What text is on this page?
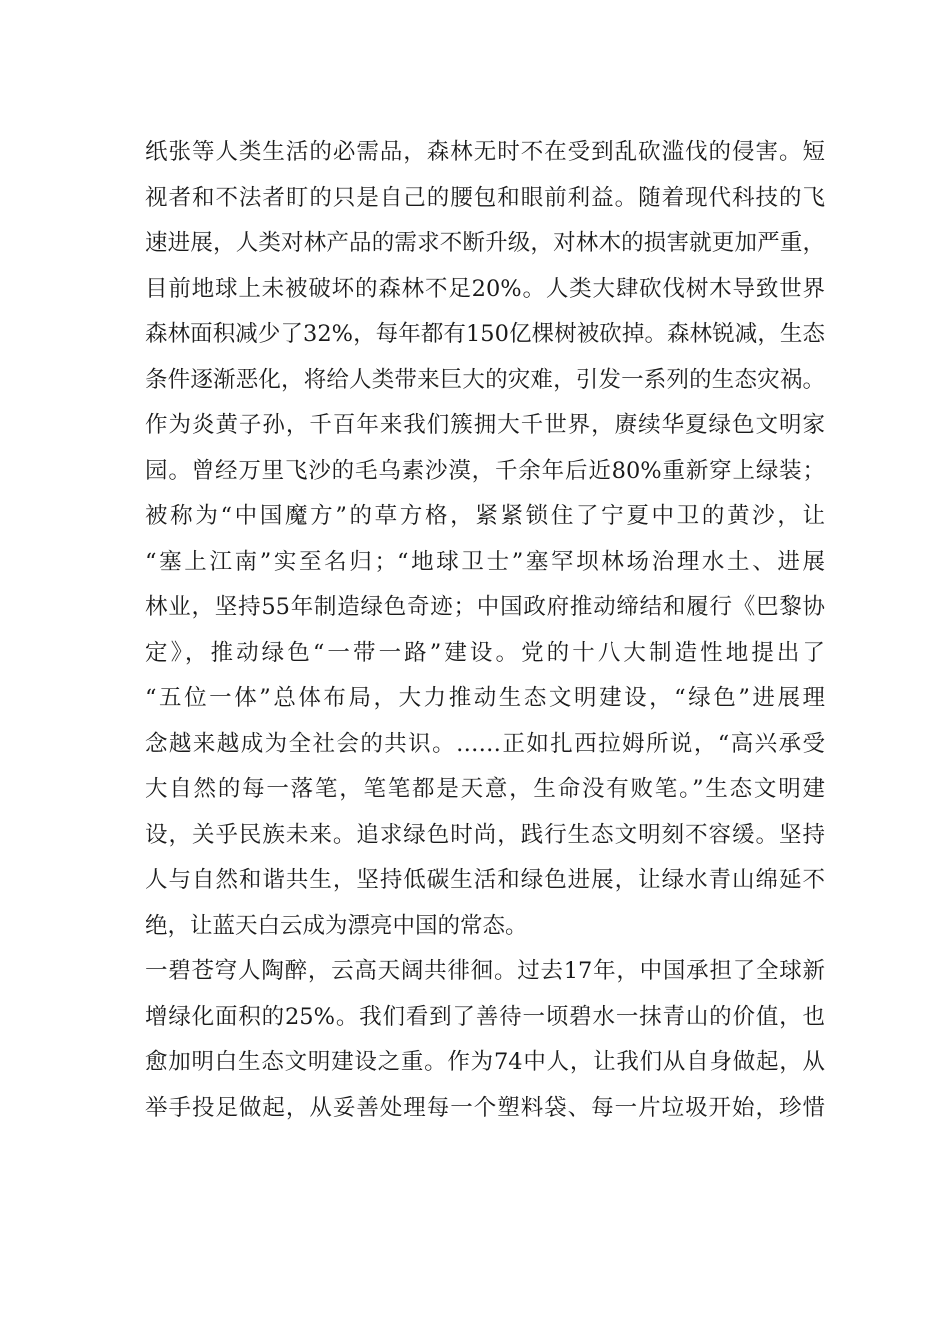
纸张等人类生活的必需品，森林无时不在受到乱砍滥伐的侵害。短
视者和不法者盯的只是自己的腰包和眼前利益。随着现代科技的飞
速进展，人类对林产品的需求不断升级，对林木的损害就更加严重，
目前地球上未被破坏的森林不足20%。人类大肆砍伐树木导致世界
森林面积减少了32%，每年都有150亿棵树被砍掉。森林锐减，生态
条件逐渐恶化，将给人类带来巨大的灾难，引发一系列的生态灾祸。
作为炎黄子孙，千百年来我们簇拥大千世界，赓续华夏绿色文明家
园。曾经万里飞沙的毛乌素沙漠，千余年后近80%重新穿上绿装；
被称为“中国魔方”的草方格，紧紧锁住了宁夏中卫的黄沙，让
“塞上江南”实至名归；“地球卫士”塞罕坝林场治理水土、进展
林业，坚持55年制造绿色奇迹；中国政府推动缔结和履行《巴黎协
定》，推动绿色“一带一路”建设。党的十八大制造性地提出了
“五位一体”总体布局，大力推动生态文明建设，“绿色”进展理
念越来越成为全社会的共识。……正如扎西拉姆所说，“高兴承受
大自然的每一落笔，笔笔都是天意，生命没有败笔。”生态文明建
设，关乎民族未来。追求绿色时尚，践行生态文明刻不容缓。坚持
人与自然和谐共生，坚持低碳生活和绿色进展，让绿水青山绵延不
绝，让蓝天白云成为漂亮中国的常态。
一碧苍穹人陶醉，云高天阔共徘徊。过去17年，中国承担了全球新
增绿化面积的25%。我们看到了善待一顷碧水一抹青山的价值，也
愈加明白生态文明建设之重。作为74中人，让我们从自身做起，从
举手投足做起，从妥善处理每一个塑料袋、每一片垃圾开始，珍惜
